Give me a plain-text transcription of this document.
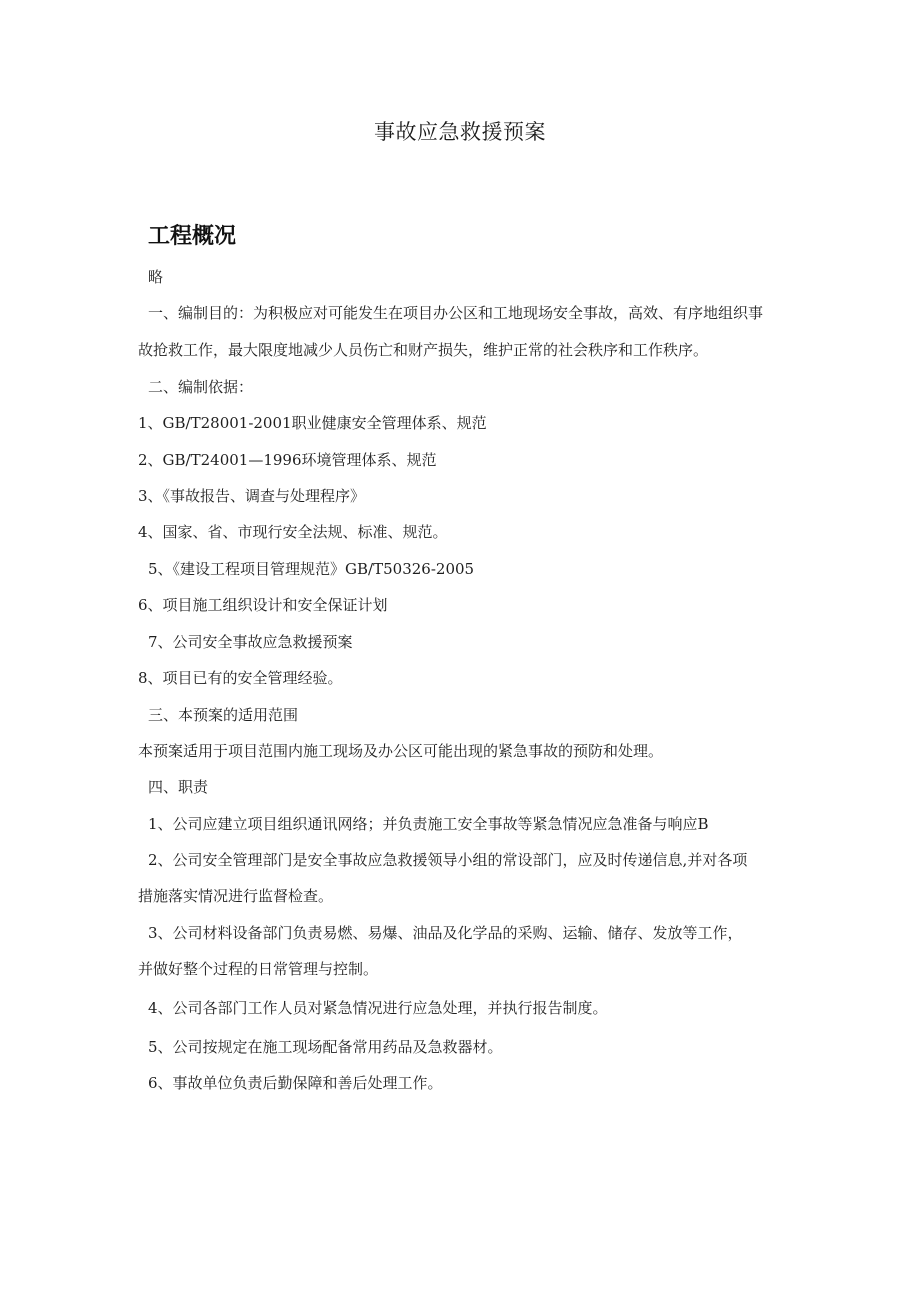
事故应急救援预案
工程概况
略
一、编制目的：为积极应对可能发生在项目办公区和工地现场安全事故，高效、有序地组织事
故抢救工作，最大限度地减少人员伤亡和财产损失，维护正常的社会秩序和工作秩序。
二、编制依据：
1、GB/T28001-2001职业健康安全管理体系、规范
2、GB/T24001—1996环境管理体系、规范
3、《事故报告、调查与处理程序》
4、国家、省、市现行安全法规、标准、规范。
5、《建设工程项目管理规范》GB/T50326-2005
6、项目施工组织设计和安全保证计划
7、公司安全事故应急救援预案
8、项目已有的安全管理经验。
三、本预案的适用范围
本预案适用于项目范围内施工现场及办公区可能出现的紧急事故的预防和处理。
四、职责
1、公司应建立项目组织通讯网络；并负责施工安全事故等紧急情况应急准备与响应B
2、公司安全管理部门是安全事故应急救援领导小组的常设部门，应及时传递信息,并对各项
措施落实情况进行监督检查。
3、公司材料设备部门负责易燃、易爆、油品及化学品的采购、运输、储存、发放等工作，
并做好整个过程的日常管理与控制。
4、公司各部门工作人员对紧急情况进行应急处理，并执行报告制度。
5、公司按规定在施工现场配备常用药品及急救器材。
6、事故单位负责后勤保障和善后处理工作。
